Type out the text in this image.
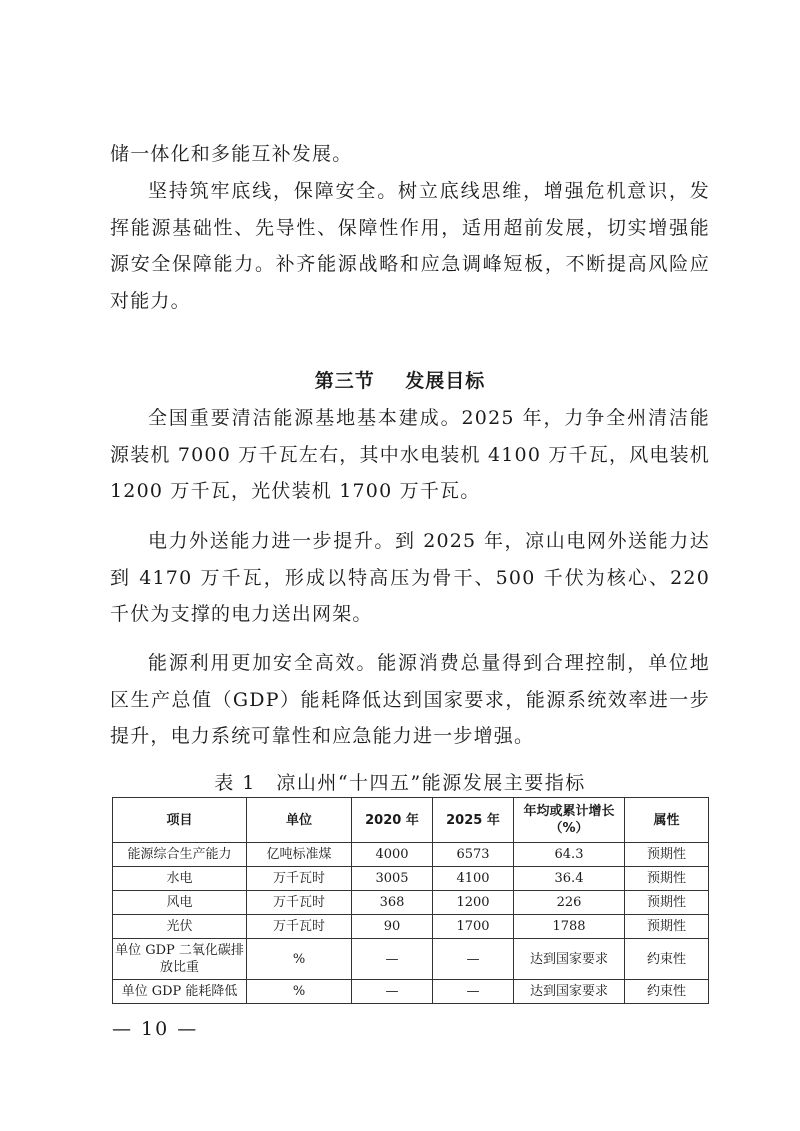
储一体化和多能互补发展。

坚持筑牢底线，保障安全。树立底线思维，增强危机意识，发挥能源基础性、先导性、保障性作用，适用超前发展，切实增强能源安全保障能力。补齐能源战略和应急调峰短板，不断提高风险应对能力。

第三节 发展目标

全国重要清洁能源基地基本建成。2025 年，力争全州清洁能源装机 7000 万千瓦左右，其中水电装机 4100 万千瓦，风电装机 1200 万千瓦，光伏装机 1700 万千瓦。

电力外送能力进一步提升。到 2025 年，凉山电网外送能力达到 4170 万千瓦，形成以特高压为骨干、500 千伏为核心、220 千伏为支撑的电力送出网架。

能源利用更加安全高效。能源消费总量得到合理控制，单位地区生产总值（GDP）能耗降低达到国家要求，能源系统效率进一步提升，电力系统可靠性和应急能力进一步增强。

表 1　凉山州“十四五”能源发展主要指标

项目	单位	2020 年	2025 年	年均或累计增长（%）	属性
能源综合生产能力	亿吨标准煤	4000	6573	64.3	预期性
水电	万千瓦时	3005	4100	36.4	预期性
风电	万千瓦时	368	1200	226	预期性
光伏	万千瓦时	90	1700	1788	预期性
单位 GDP 二氧化碳排放比重	%	—	—	达到国家要求	约束性
单位 GDP 能耗降低	%	—	—	达到国家要求	约束性

— 10 —
